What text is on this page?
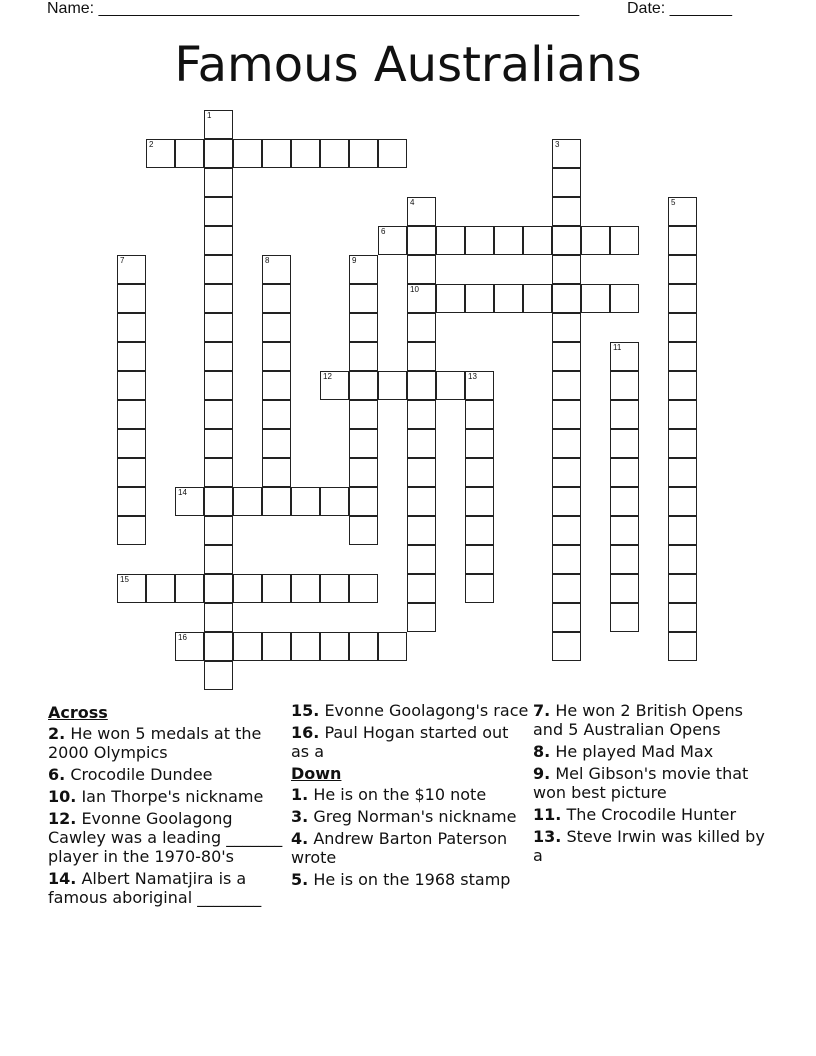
Name: ______________________________________________________	Date: _______
Famous Australians
1
2	3
4
10
5
6
7	8	9
11
12	13
14
15
16
Across
2. He won 5 medals at the 2000 Olympics
6. Crocodile Dundee
10. Ian Thorpe's nickname
12. Evonne Goolagong Cawley was a leading _______ player in the 1970-80's
14. Albert Namatjira is a famous aboriginal ________
15. Evonne Goolagong's race
16. Paul Hogan started out as a
Down
1. He is on the $10 note
3. Greg Norman's nickname
4. Andrew Barton Paterson wrote
5. He is on the 1968 stamp
7. He won 2 British Opens and 5 Australian Opens
8. He played Mad Max
9. Mel Gibson's movie that won best picture
11. The Crocodile Hunter
13. Steve Irwin was killed by a
